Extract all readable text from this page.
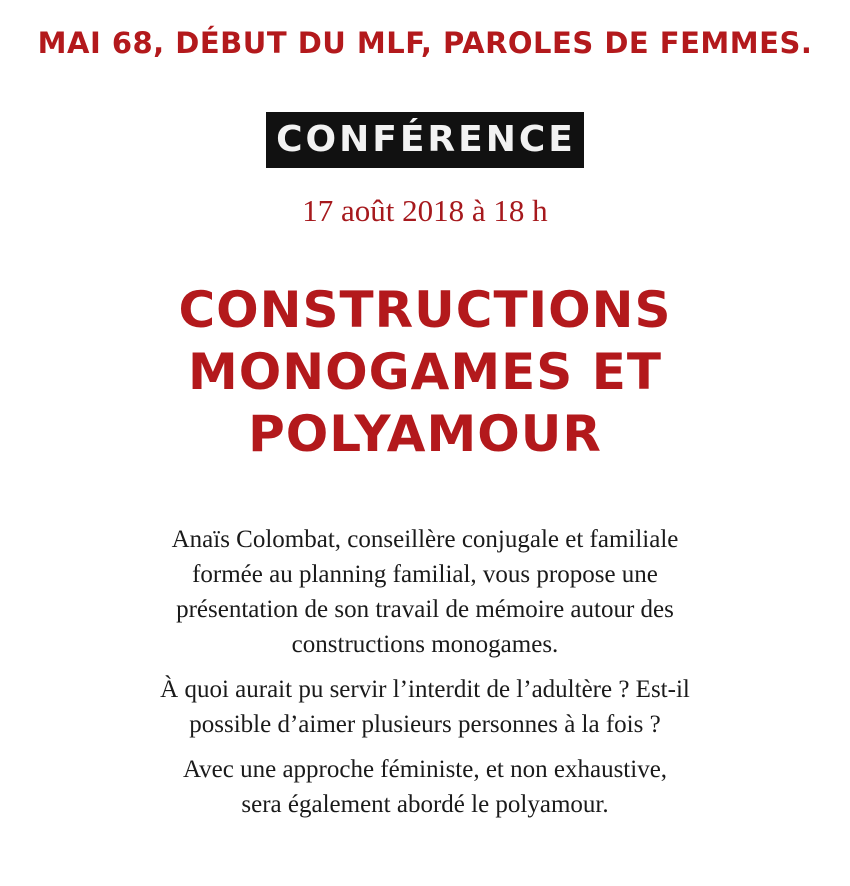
MAI 68, DÉBUT DU MLF, PAROLES DE FEMMES.
CONFÉRENCE
17 août 2018 à 18 h
CONSTRUCTIONS
MONOGAMES ET
POLYAMOUR
Anaïs Colombat, conseillère conjugale et familiale
formée au planning familial, vous propose une
présentation de son travail de mémoire autour des
constructions monogames.
À quoi aurait pu servir l’interdit de l’adultère ? Est-il
possible d’aimer plusieurs personnes à la fois ?
Avec une approche féministe, et non exhaustive,
sera également abordé le polyamour.
